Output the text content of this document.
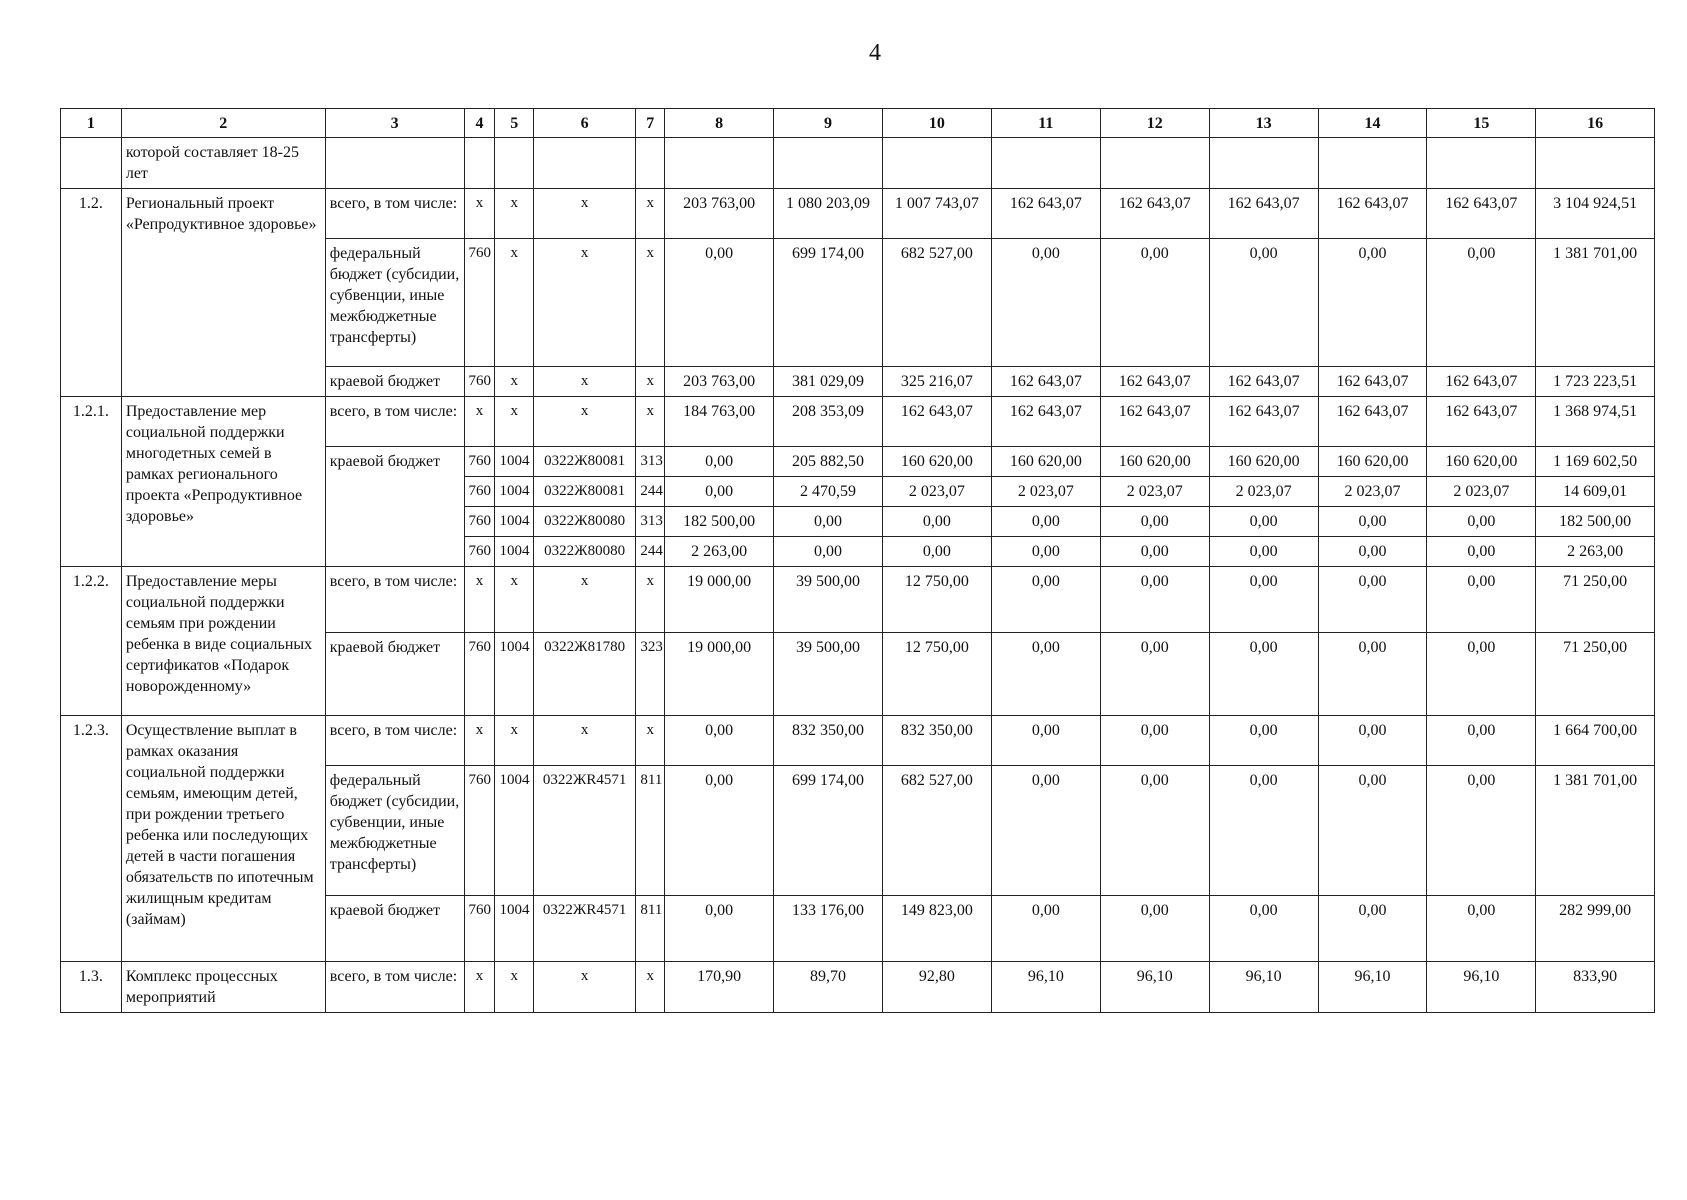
4
1	2	3	4	5	6	7	8	9	10	11	12	13	14	15	16
	которой составляет 18-25 лет														
1.2.	Региональный проект «Репродуктивное здоровье»	всего, в том числе:	x	x	x	x	203 763,00	1 080 203,09	1 007 743,07	162 643,07	162 643,07	162 643,07	162 643,07	162 643,07	3 104 924,51
		федеральный бюджет (субсидии, субвенции, иные межбюджетные трансферты)	760	x	x	x	0,00	699 174,00	682 527,00	0,00	0,00	0,00	0,00	0,00	1 381 701,00
		краевой бюджет	760	x	x	x	203 763,00	381 029,09	325 216,07	162 643,07	162 643,07	162 643,07	162 643,07	162 643,07	1 723 223,51
1.2.1.	Предоставление мер социальной поддержки многодетных семей в рамках регионального проекта «Репродуктивное здоровье»	всего, в том числе:	x	x	x	x	184 763,00	208 353,09	162 643,07	162 643,07	162 643,07	162 643,07	162 643,07	162 643,07	1 368 974,51
		краевой бюджет	760	1004	0322Ж80081	313	0,00	205 882,50	160 620,00	160 620,00	160 620,00	160 620,00	160 620,00	160 620,00	1 169 602,50
			760	1004	0322Ж80081	244	0,00	2 470,59	2 023,07	2 023,07	2 023,07	2 023,07	2 023,07	2 023,07	14 609,01
			760	1004	0322Ж80080	313	182 500,00	0,00	0,00	0,00	0,00	0,00	0,00	0,00	182 500,00
			760	1004	0322Ж80080	244	2 263,00	0,00	0,00	0,00	0,00	0,00	0,00	0,00	2 263,00
1.2.2.	Предоставление меры социальной поддержки семьям при рождении ребенка в виде социальных сертификатов «Подарок новорожденному»	всего, в том числе:	x	x	x	x	19 000,00	39 500,00	12 750,00	0,00	0,00	0,00	0,00	0,00	71 250,00
		краевой бюджет	760	1004	0322Ж81780	323	19 000,00	39 500,00	12 750,00	0,00	0,00	0,00	0,00	0,00	71 250,00
1.2.3.	Осуществление выплат в рамках оказания социальной поддержки семьям, имеющим детей, при рождении третьего ребенка или последующих детей в части погашения обязательств по ипотечным жилищным кредитам (займам)	всего, в том числе:	x	x	x	x	0,00	832 350,00	832 350,00	0,00	0,00	0,00	0,00	0,00	1 664 700,00
		федеральный бюджет (субсидии, субвенции, иные межбюджетные трансферты)	760	1004	0322ЖR4571	811	0,00	699 174,00	682 527,00	0,00	0,00	0,00	0,00	0,00	1 381 701,00
		краевой бюджет	760	1004	0322ЖR4571	811	0,00	133 176,00	149 823,00	0,00	0,00	0,00	0,00	0,00	282 999,00
1.3.	Комплекс процессных мероприятий	всего, в том числе:	x	x	x	x	170,90	89,70	92,80	96,10	96,10	96,10	96,10	96,10	833,90
